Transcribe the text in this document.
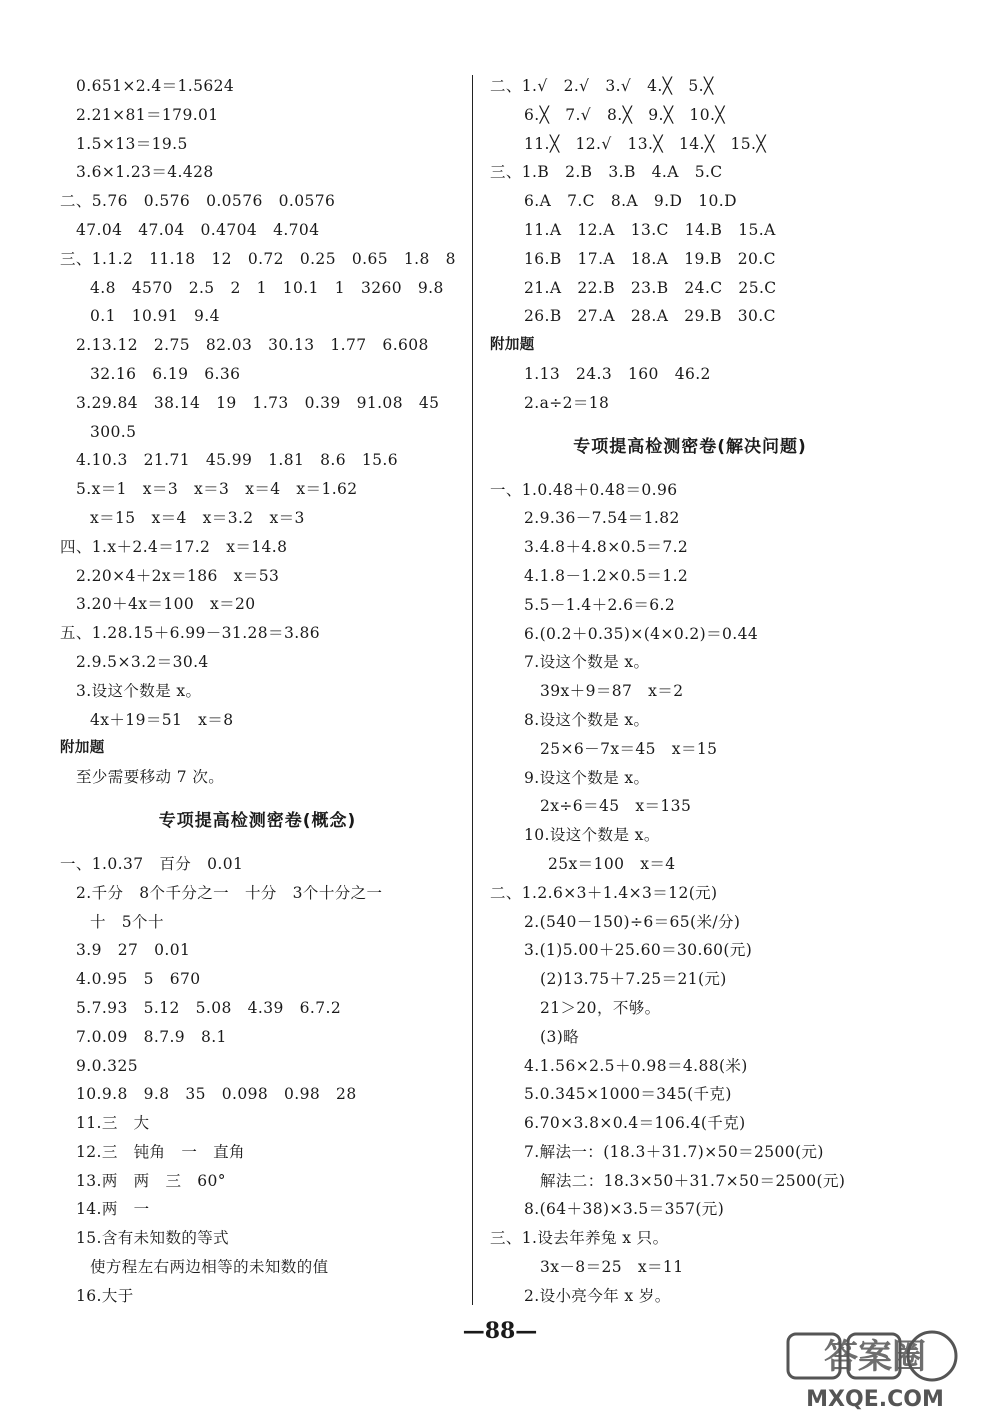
0.651×2.4＝1.5624
2.21×81＝179.01
1.5×13＝19.5
3.6×1.23＝4.428
二、5.76　0.576　0.0576　0.0576
47.04　47.04　0.4704　4.704
三、1.1.2　11.18　12　0.72　0.25　0.65　1.8　8
4.8　4570　2.5　2　1　10.1　1　3260　9.8
0.1　10.91　9.4
2.13.12　2.75　82.03　30.13　1.77　6.608
32.16　6.19　6.36
3.29.84　38.14　19　1.73　0.39　91.08　45
300.5
4.10.3　21.71　45.99　1.81　8.6　15.6
5.x＝1　x＝3　x＝3　x＝4　x＝1.62
x＝15　x＝4　x＝3.2　x＝3
四、1.x＋2.4＝17.2　x＝14.8
2.20×4＋2x＝186　x＝53
3.20＋4x＝100　x＝20
五、1.28.15＋6.99－31.28＝3.86
2.9.5×3.2＝30.4
3.设这个数是 x。
4x＋19＝51　x＝8
附加题
至少需要移动 7 次。
专项提高检测密卷(概念)
一、1.0.37　百分　0.01
2.千分　8个千分之一　十分　3个十分之一
十　5个十
3.9　27　0.01
4.0.95　5　670
5.7.93　5.12　5.08　4.39　6.7.2
7.0.09　8.7.9　8.1
9.0.325
10.9.8　9.8　35　0.098　0.98　28
11.三　大
12.三　钝角　一　直角
13.两　两　三　60°
14.两　一
15.含有未知数的等式
使方程左右两边相等的未知数的值
16.大于
二、1.√　2.√　3.√　4.╳　5.╳
6.╳　7.√　8.╳　9.╳　10.╳
11.╳　12.√　13.╳　14.╳　15.╳
三、1.B　2.B　3.B　4.A　5.C
6.A　7.C　8.A　9.D　10.D
11.A　12.A　13.C　14.B　15.A
16.B　17.A　18.A　19.B　20.C
21.A　22.B　23.B　24.C　25.C
26.B　27.A　28.A　29.B　30.C
附加题
1.13　24.3　160　46.2
2.a÷2＝18
专项提高检测密卷(解决问题)
一、1.0.48＋0.48＝0.96
2.9.36－7.54＝1.82
3.4.8＋4.8×0.5＝7.2
4.1.8－1.2×0.5＝1.2
5.5－1.4＋2.6＝6.2
6.(0.2＋0.35)×(4×0.2)＝0.44
7.设这个数是 x。
39x＋9＝87　x＝2
8.设这个数是 x。
25×6－7x＝45　x＝15
9.设这个数是 x。
2x÷6＝45　x＝135
10.设这个数是 x。
25x＝100　x＝4
二、1.2.6×3＋1.4×3＝12(元)
2.(540－150)÷6＝65(米/分)
3.(1)5.00＋25.60＝30.60(元)
(2)13.75＋7.25＝21(元)
21＞20，不够。
(3)略
4.1.56×2.5＋0.98＝4.88(米)
5.0.345×1000＝345(千克)
6.70×3.8×0.4＝106.4(千克)
7.解法一：(18.3＋31.7)×50＝2500(元)
解法二：18.3×50＋31.7×50＝2500(元)
8.(64＋38)×3.5＝357(元)
三、1.设去年养兔 x 只。
3x－8＝25　x＝11
2.设小亮今年 x 岁。
—88—
答案圈
MXQE.COM
